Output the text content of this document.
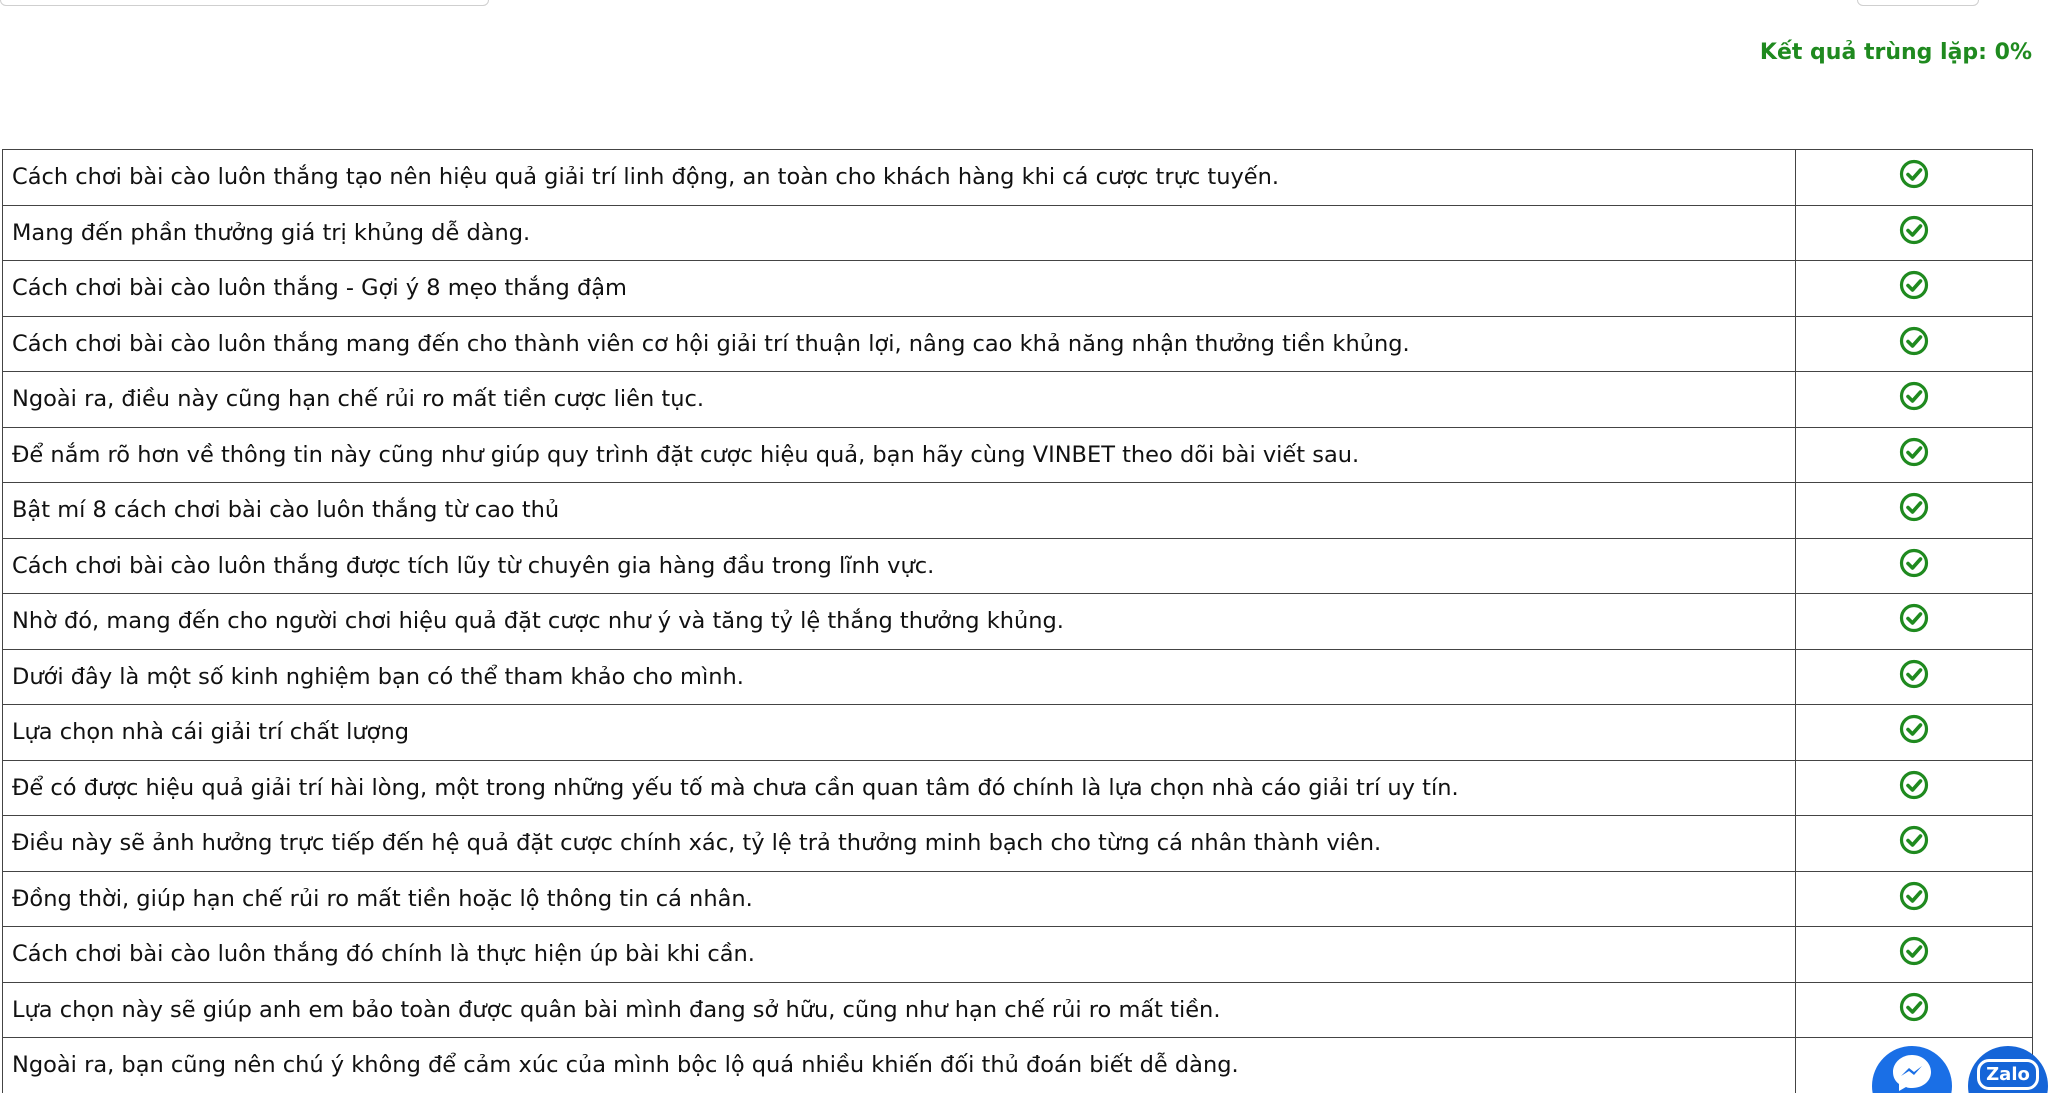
Kết quả trùng lặp: 0%
Cách chơi bài cào luôn thắng tạo nên hiệu quả giải trí linh động, an toàn cho khách hàng khi cá cược trực tuyến.	

Mang đến phần thưởng giá trị khủng dễ dàng.	

Cách chơi bài cào luôn thắng - Gợi ý 8 mẹo thắng đậm	

Cách chơi bài cào luôn thắng mang đến cho thành viên cơ hội giải trí thuận lợi, nâng cao khả năng nhận thưởng tiền khủng.	

Ngoài ra, điều này cũng hạn chế rủi ro mất tiền cược liên tục.	

Để nắm rõ hơn về thông tin này cũng như giúp quy trình đặt cược hiệu quả, bạn hãy cùng VINBET theo dõi bài viết sau.	

Bật mí 8 cách chơi bài cào luôn thắng từ cao thủ	

Cách chơi bài cào luôn thắng được tích lũy từ chuyên gia hàng đầu trong lĩnh vực.	

Nhờ đó, mang đến cho người chơi hiệu quả đặt cược như ý và tăng tỷ lệ thắng thưởng khủng.	

Dưới đây là một số kinh nghiệm bạn có thể tham khảo cho mình.	

Lựa chọn nhà cái giải trí chất lượng	

Để có được hiệu quả giải trí hài lòng, một trong những yếu tố mà chưa cần quan tâm đó chính là lựa chọn nhà cáo giải trí uy tín.	

Điều này sẽ ảnh hưởng trực tiếp đến hệ quả đặt cược chính xác, tỷ lệ trả thưởng minh bạch cho từng cá nhân thành viên.	

Đồng thời, giúp hạn chế rủi ro mất tiền hoặc lộ thông tin cá nhân.	

Cách chơi bài cào luôn thắng đó chính là thực hiện úp bài khi cần.	

Lựa chọn này sẽ giúp anh em bảo toàn được quân bài mình đang sở hữu, cũng như hạn chế rủi ro mất tiền.	

Ngoài ra, bạn cũng nên chú ý không để cảm xúc của mình bộc lộ quá nhiều khiến đối thủ đoán biết dễ dàng.		Zalo
